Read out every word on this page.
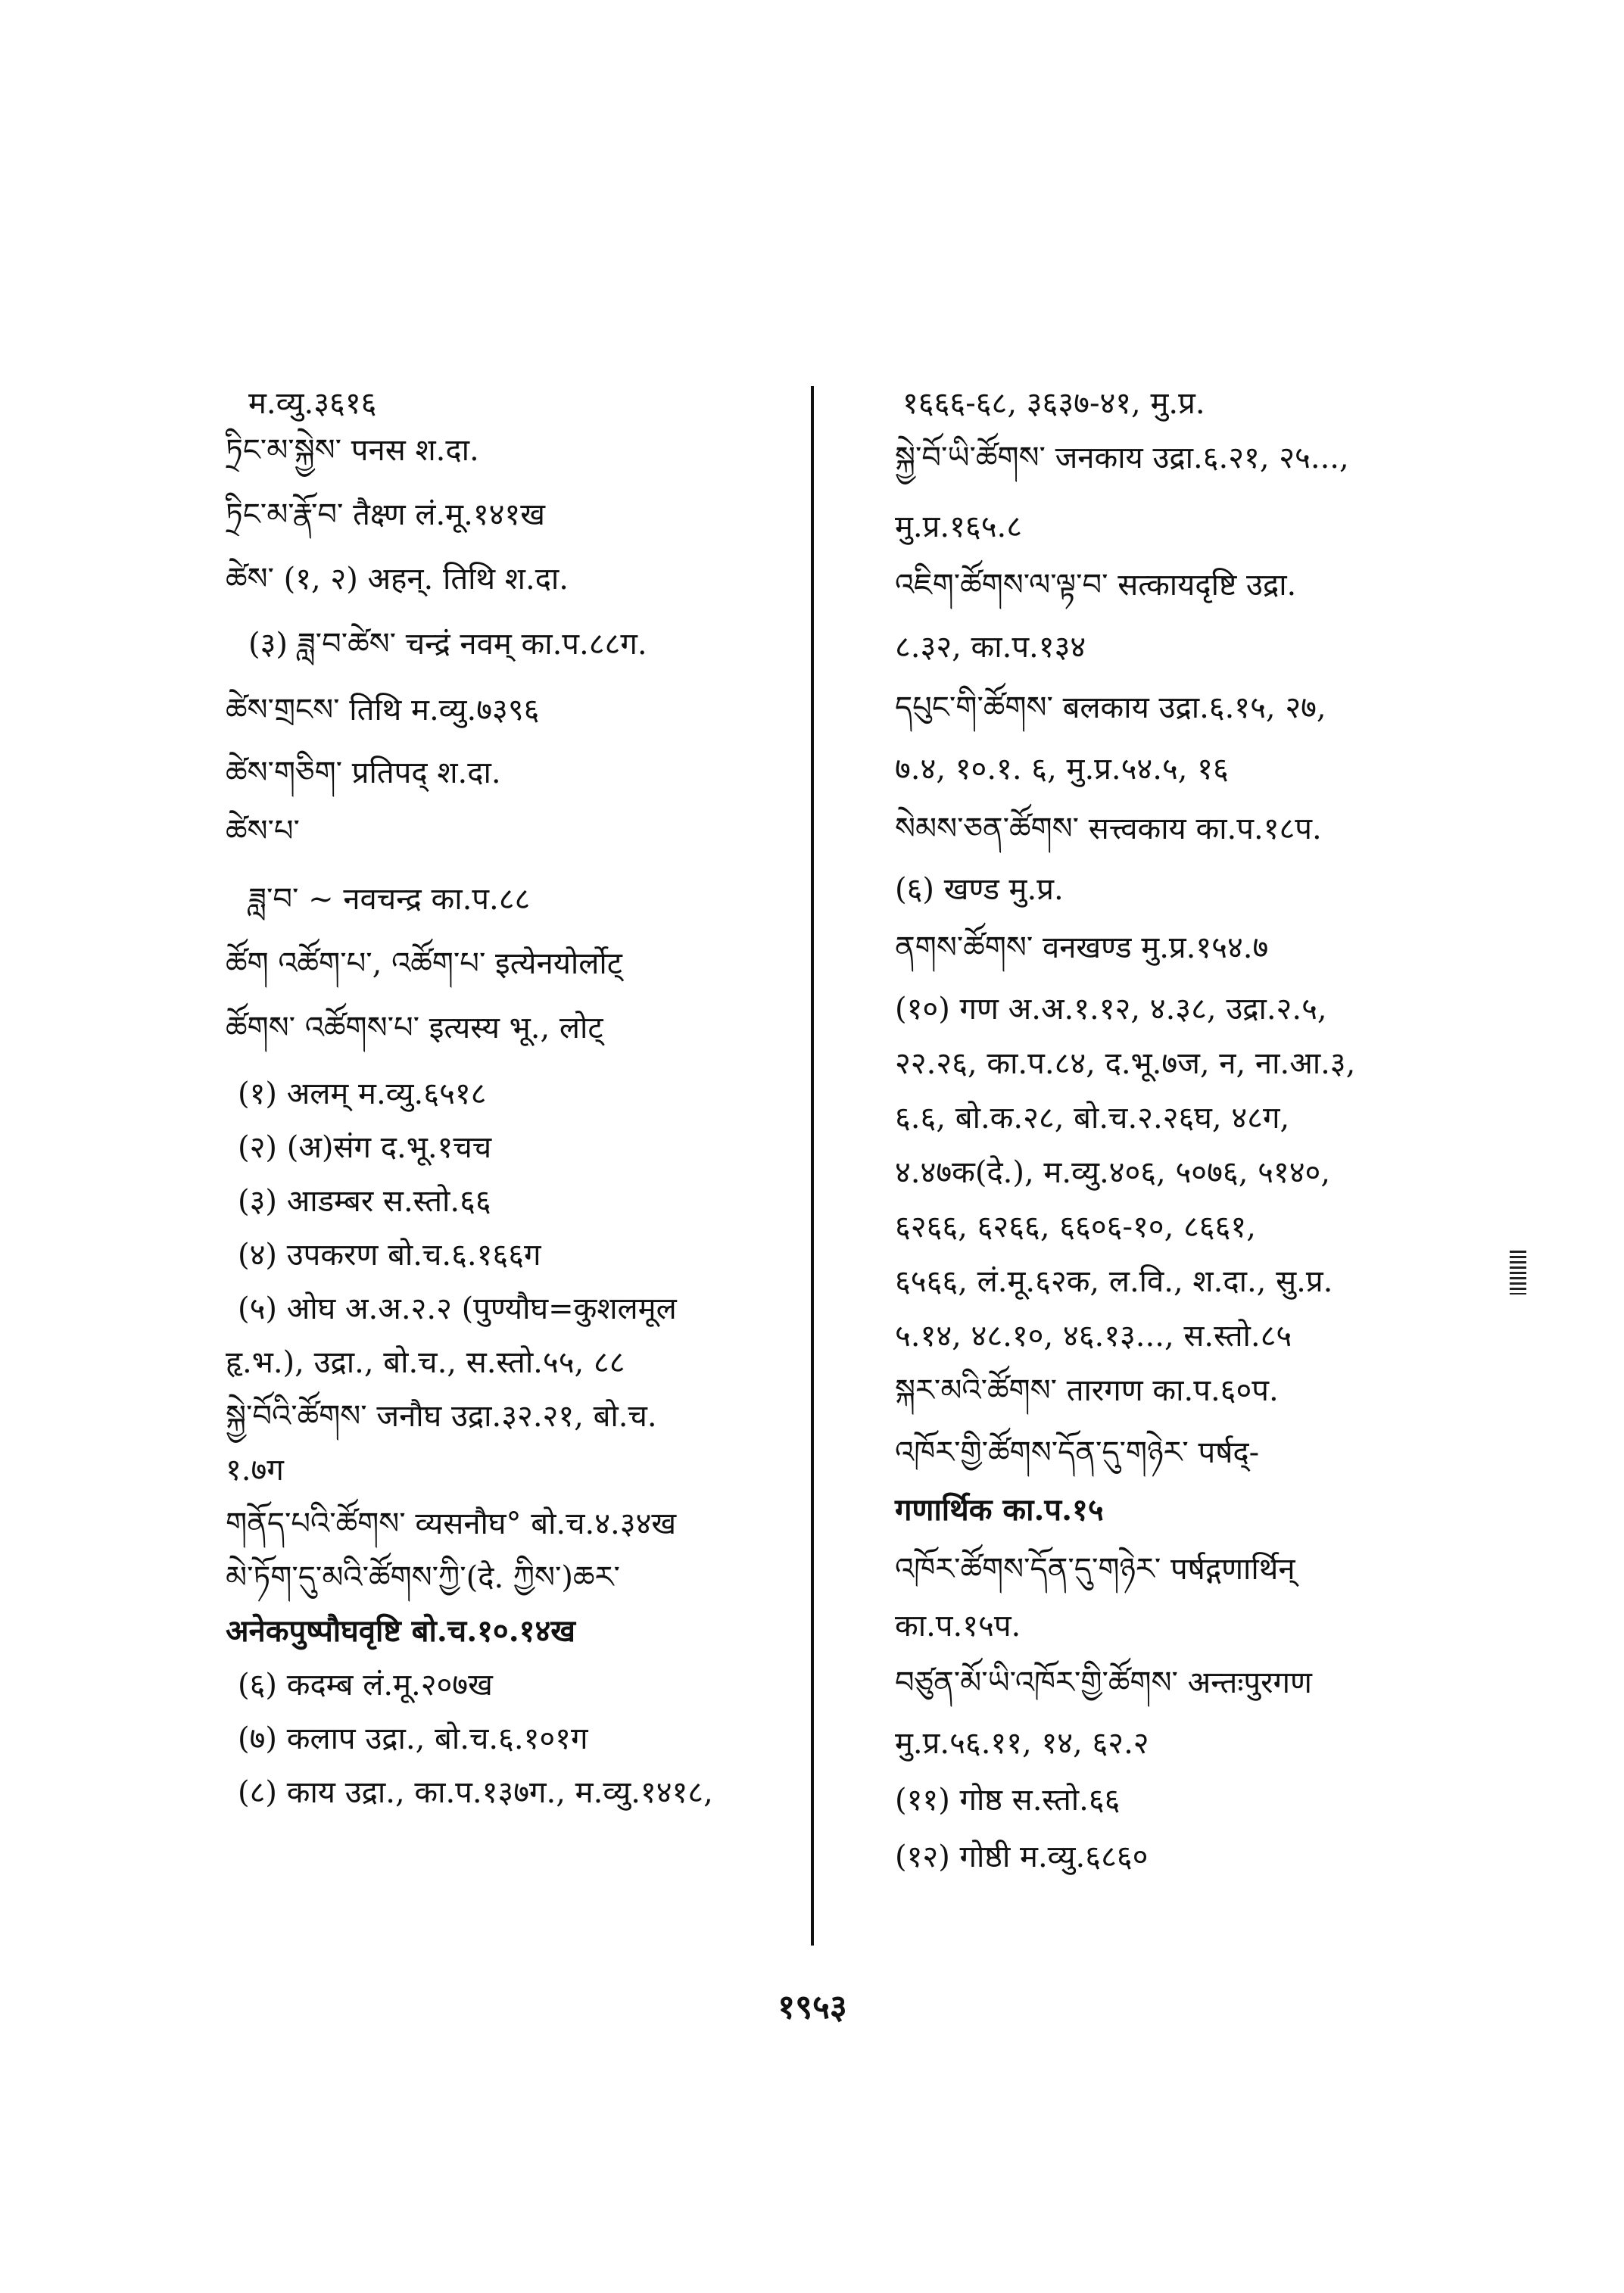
म.व्यु.३६१६
ཏྲིང་མ་སྐྱེས་ पनस श.दा.
ཏྲིང་མ་རྣོ་བ་ तैक्ष्ण लं.मू.१४१ख
ཚེས་ (१, २) अहन्. तिथि श.दा.
(३) ཟླ་བ་ཚེས་ चन्द्रं नवम् का.प.८८ग.
ཚེས་གྲངས་ तिथि म.व्यु.७३९६
ཚེས་གཅིག་ प्रतिपद् श.दा.
ཚེས་པ་
ཟླ་བ་ ~ नवचन्द्र का.प.८८
ཚོག འཚོག་པ་, འཚོག་པ་ इत्येनयोर्लोट्
ཚོགས་ འཚོགས་པ་ इत्यस्य भू., लोट्
(१) अलम् म.व्यु.६५१८
(२) (अ)संग द.भू.१चच
(३) आडम्बर स.स्तो.६६
(४) उपकरण बो.च.६.१६६ग
(५) ओघ अ.अ.२.२ (पुण्यौघ=कुशलमूल
हृ.भ.), उद्रा., बो.च., स.स्तो.५५, ८८
སྐྱེ་བོའི་ཚོགས་ जनौघ उद्रा.३२.२१, बो.च.
१.७ग
གནོད་པའི་ཚོགས་ व्यसनौघ° बो.च.४.३४ख
མེ་ཏོག་དུ་མའི་ཚོགས་ཀྱི་(दे. ཀྱིས་)ཆར་
अनेकपुष्पौघवृष्टि बो.च.१०.१४ख
(६) कदम्ब लं.मू.२०७ख
(७) कलाप उद्रा., बो.च.६.१०१ग
(८) काय उद्रा., का.प.१३७ग., म.व्यु.१४१८,
१६६६-६८, ३६३७-४१, मु.प्र.
སྐྱེ་བོ་ཡི་ཚོགས་ जनकाय उद्रा.६.२१, २५...,
मु.प्र.१६५.८
འཇིག་ཚོགས་ལ་ལྟ་བ་ सत्कायदृष्टि उद्रा.
८.३२, का.प.१३४
དཔུང་གི་ཚོགས་ बलकाय उद्रा.६.१५, २७,
७.४, १०.१. ६, मु.प्र.५४.५, १६
སེམས་ཅན་ཚོགས་ सत्त्वकाय का.प.१८प.
(६) खण्ड मु.प्र.
ནགས་ཚོགས་ वनखण्ड मु.प्र.१५४.७
(१०) गण अ.अ.१.१२, ४.३८, उद्रा.२.५,
२२.२६, का.प.८४, द.भू.७ज, न, ना.आ.३,
६.६, बो.क.२८, बो.च.२.२६घ, ४८ग,
४.४७क(दे.), म.व्यु.४०६, ५०७६, ५१४०,
६२६६, ६२६६, ६६०६-१०, ८६६१,
६५६६, लं.मू.६२क, ल.वि., श.दा., सु.प्र.
५.१४, ४८.१०, ४६.१३..., स.स्तो.८५
སྐར་མའི་ཚོགས་ तारगण का.प.६०प.
འཁོར་གྱི་ཚོགས་དོན་དུ་གཉེར་ पर्षद्-
गणार्थिक का.प.१५
འཁོར་ཚོགས་དོན་དུ་གཉེར་ पर्षद्गणार्थिन्
का.प.१५प.
བཙུན་མོ་ཡི་འཁོར་གྱི་ཚོགས་ अन्तःपुरगण
मु.प्र.५६.११, १४, ६२.२
(११) गोष्ठ स.स्तो.६६
(१२) गोष्ठी म.व्यु.६८६०
१९५३
